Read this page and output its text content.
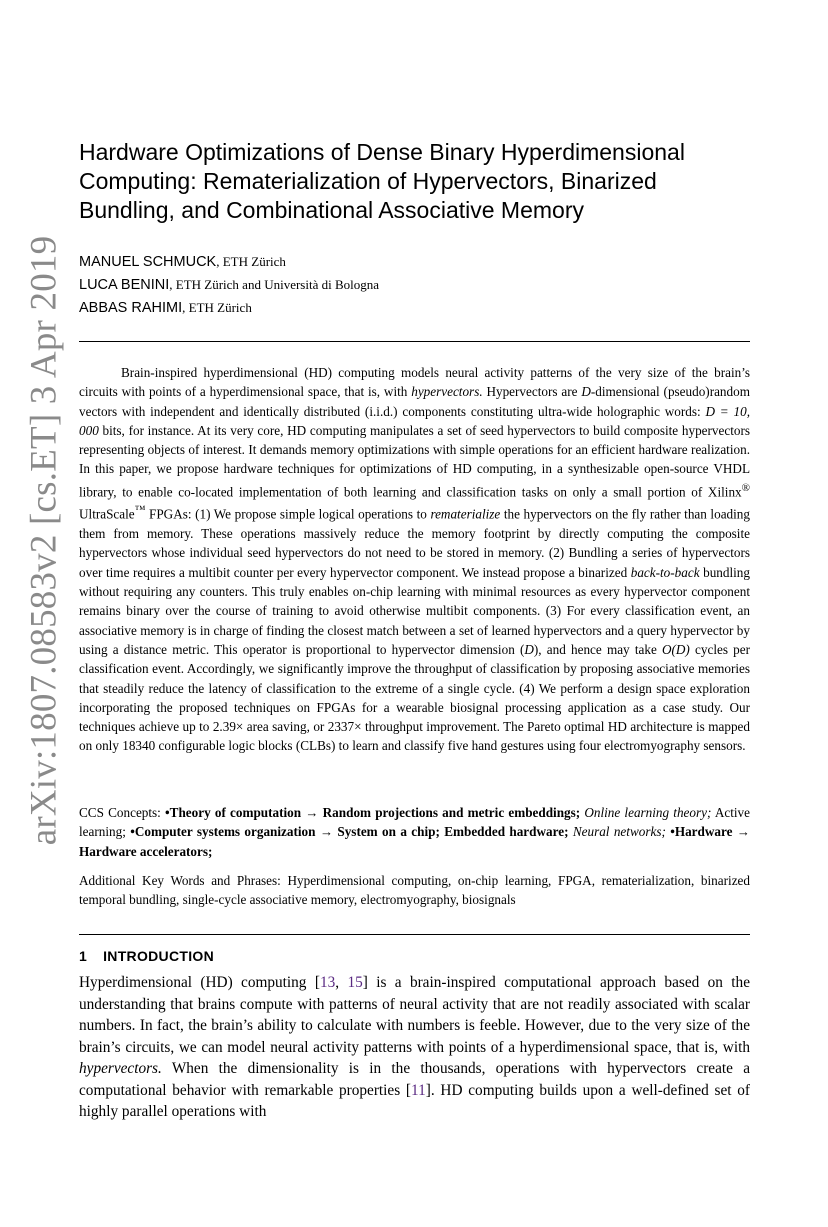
arXiv:1807.08583v2 [cs.ET] 3 Apr 2019
Hardware Optimizations of Dense Binary Hyperdimensional Computing: Rematerialization of Hypervectors, Binarized Bundling, and Combinational Associative Memory
MANUEL SCHMUCK, ETH Zürich
LUCA BENINI, ETH Zürich and Università di Bologna
ABBAS RAHIMI, ETH Zürich

Brain-inspired hyperdimensional (HD) computing models neural activity patterns of the very size of the brain’s circuits with points of a hyperdimensional space, that is, with hypervectors. Hypervectors are D-dimensional (pseudo)random vectors with independent and identically distributed (i.i.d.) components constituting ultra-wide holographic words: D = 10, 000 bits, for instance. At its very core, HD computing manipulates a set of seed hypervectors to build composite hypervectors representing objects of interest. It demands memory optimizations with simple operations for an efficient hardware realization. In this paper, we propose hardware techniques for optimizations of HD computing, in a synthesizable open-source VHDL library, to enable co-located implementation of both learning and classification tasks on only a small portion of Xilinx® UltraScale™ FPGAs: (1) We propose simple logical operations to rematerialize the hypervectors on the fly rather than loading them from memory. These operations massively reduce the memory footprint by directly computing the composite hypervectors whose individual seed hypervectors do not need to be stored in memory. (2) Bundling a series of hypervectors over time requires a multibit counter per every hypervector component. We instead propose a binarized back-to-back bundling without requiring any counters. This truly enables on-chip learning with minimal resources as every hypervector component remains binary over the course of training to avoid otherwise multibit components. (3) For every classification event, an associative memory is in charge of finding the closest match between a set of learned hypervectors and a query hypervector by using a distance metric. This operator is proportional to hypervector dimension (D), and hence may take O(D) cycles per classification event. Accordingly, we significantly improve the throughput of classification by proposing associative memories that steadily reduce the latency of classification to the extreme of a single cycle. (4) We perform a design space exploration incorporating the proposed techniques on FPGAs for a wearable biosignal processing application as a case study. Our techniques achieve up to 2.39× area saving, or 2337× throughput improvement. The Pareto optimal HD architecture is mapped on only 18340 configurable logic blocks (CLBs) to learn and classify five hand gestures using four electromyography sensors.

CCS Concepts: •Theory of computation → Random projections and metric embeddings; Online learning theory; Active learning; •Computer systems organization → System on a chip; Embedded hardware; Neural networks; •Hardware → Hardware accelerators;

Additional Key Words and Phrases: Hyperdimensional computing, on-chip learning, FPGA, rematerialization, binarized temporal bundling, single-cycle associative memory, electromyography, biosignals

1 INTRODUCTION

Hyperdimensional (HD) computing [13, 15] is a brain-inspired computational approach based on the understanding that brains compute with patterns of neural activity that are not readily associated with scalar numbers. In fact, the brain’s ability to calculate with numbers is feeble. However, due to the very size of the brain’s circuits, we can model neural activity patterns with points of a hyperdimensional space, that is, with hypervectors. When the dimensionality is in the thousands, operations with hypervectors create a computational behavior with remarkable properties [11]. HD computing builds upon a well-defined set of highly parallel operations with
